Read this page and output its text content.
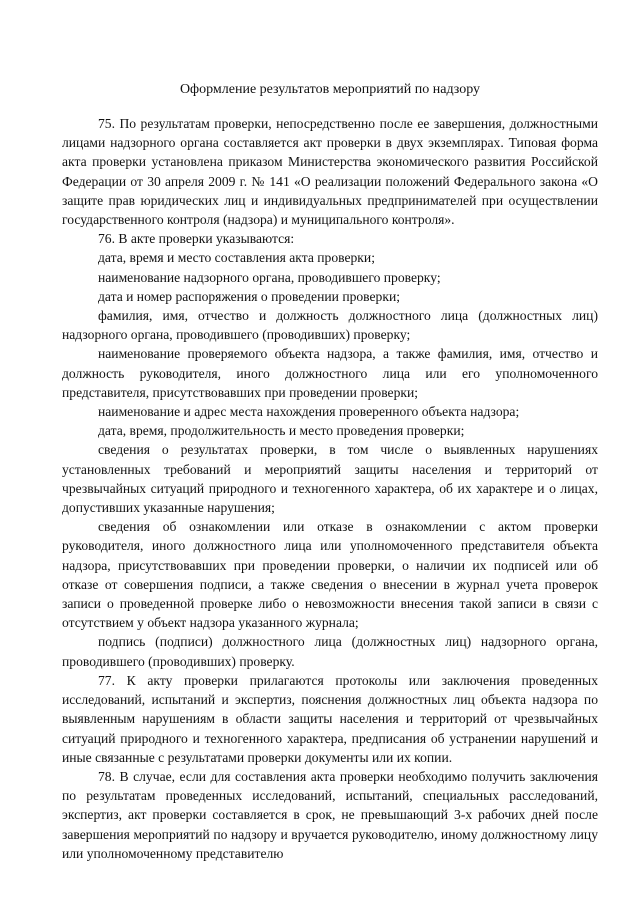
Оформление результатов мероприятий по надзору

75. По результатам проверки, непосредственно после ее завершения, должностными лицами надзорного органа составляется акт проверки в двух экземплярах. Типовая форма акта проверки установлена приказом Министерства экономического развития Российской Федерации от 30 апреля 2009 г. № 141 «О реализации положений Федерального закона «О защите прав юридических лиц и индивидуальных предпринимателей при осуществлении государственного контроля (надзора) и муниципального контроля».

76. В акте проверки указываются:

дата, время и место составления акта проверки;

наименование надзорного органа, проводившего проверку;

дата и номер распоряжения о проведении проверки;

фамилия, имя, отчество и должность должностного лица (должностных лиц) надзорного органа, проводившего (проводивших) проверку;

наименование проверяемого объекта надзора, а также фамилия, имя, отчество и должность руководителя, иного должностного лица или его уполномоченного представителя, присутствовавших при проведении проверки;

наименование и адрес места нахождения проверенного объекта надзора;

дата, время, продолжительность и место проведения проверки;

сведения о результатах проверки, в том числе о выявленных нарушениях установленных требований и мероприятий защиты населения и территорий от чрезвычайных ситуаций природного и техногенного характера, об их характере и о лицах, допустивших указанные нарушения;

сведения об ознакомлении или отказе в ознакомлении с актом проверки руководителя, иного должностного лица или уполномоченного представителя объекта надзора, присутствовавших при проведении проверки, о наличии их подписей или об отказе от совершения подписи, а также сведения о внесении в журнал учета проверок записи о проведенной проверке либо о невозможности внесения такой записи в связи с отсутствием у объект надзора указанного журнала;

подпись (подписи) должностного лица (должностных лиц) надзорного органа, проводившего (проводивших) проверку.

77. К акту проверки прилагаются протоколы или заключения проведенных исследований, испытаний и экспертиз, пояснения должностных лиц объекта надзора по выявленным нарушениям в области защиты населения и территорий от чрезвычайных ситуаций природного и техногенного характера, предписания об устранении нарушений и иные связанные с результатами проверки документы или их копии.

78. В случае, если для составления акта проверки необходимо получить заключения по результатам проведенных исследований, испытаний, специальных расследований, экспертиз, акт проверки составляется в срок, не превышающий 3-х рабочих дней после завершения мероприятий по надзору и вручается руководителю, иному должностному лицу или уполномоченному представителю
